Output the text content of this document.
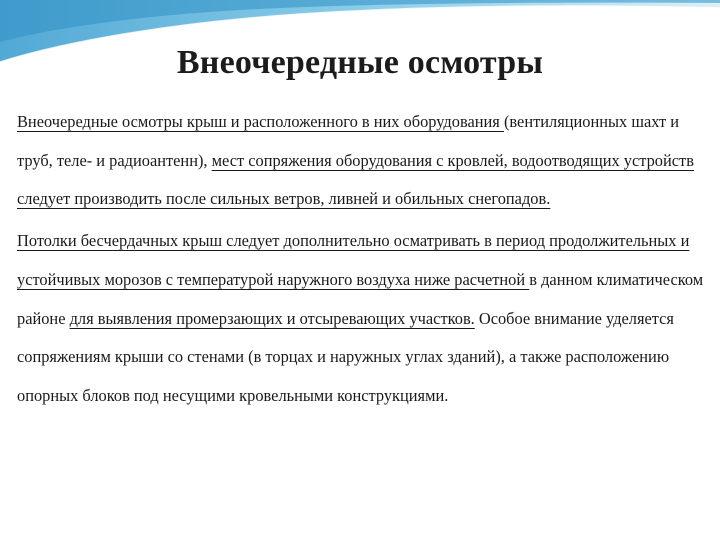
Внеочередные осмотры

Внеочередные осмотры крыш и расположенного в них оборудования (вентиляционных шахт и труб, теле- и радиоантенн), мест сопряжения оборудования с кровлей, водоотводящих устройств следует производить после сильных ветров, ливней и обильных снегопадов.

Потолки бесчердачных крыш следует дополнительно осматривать в период продолжительных и устойчивых морозов с температурой наружного воздуха ниже расчетной в данном климатическом районе для выявления промерзающих и отсыревающих участков. Особое внимание уделяется сопряжениям крыши со стенами (в торцах и наружных углах зданий), а также расположению опорных блоков под несущими кровельными конструкциями.
